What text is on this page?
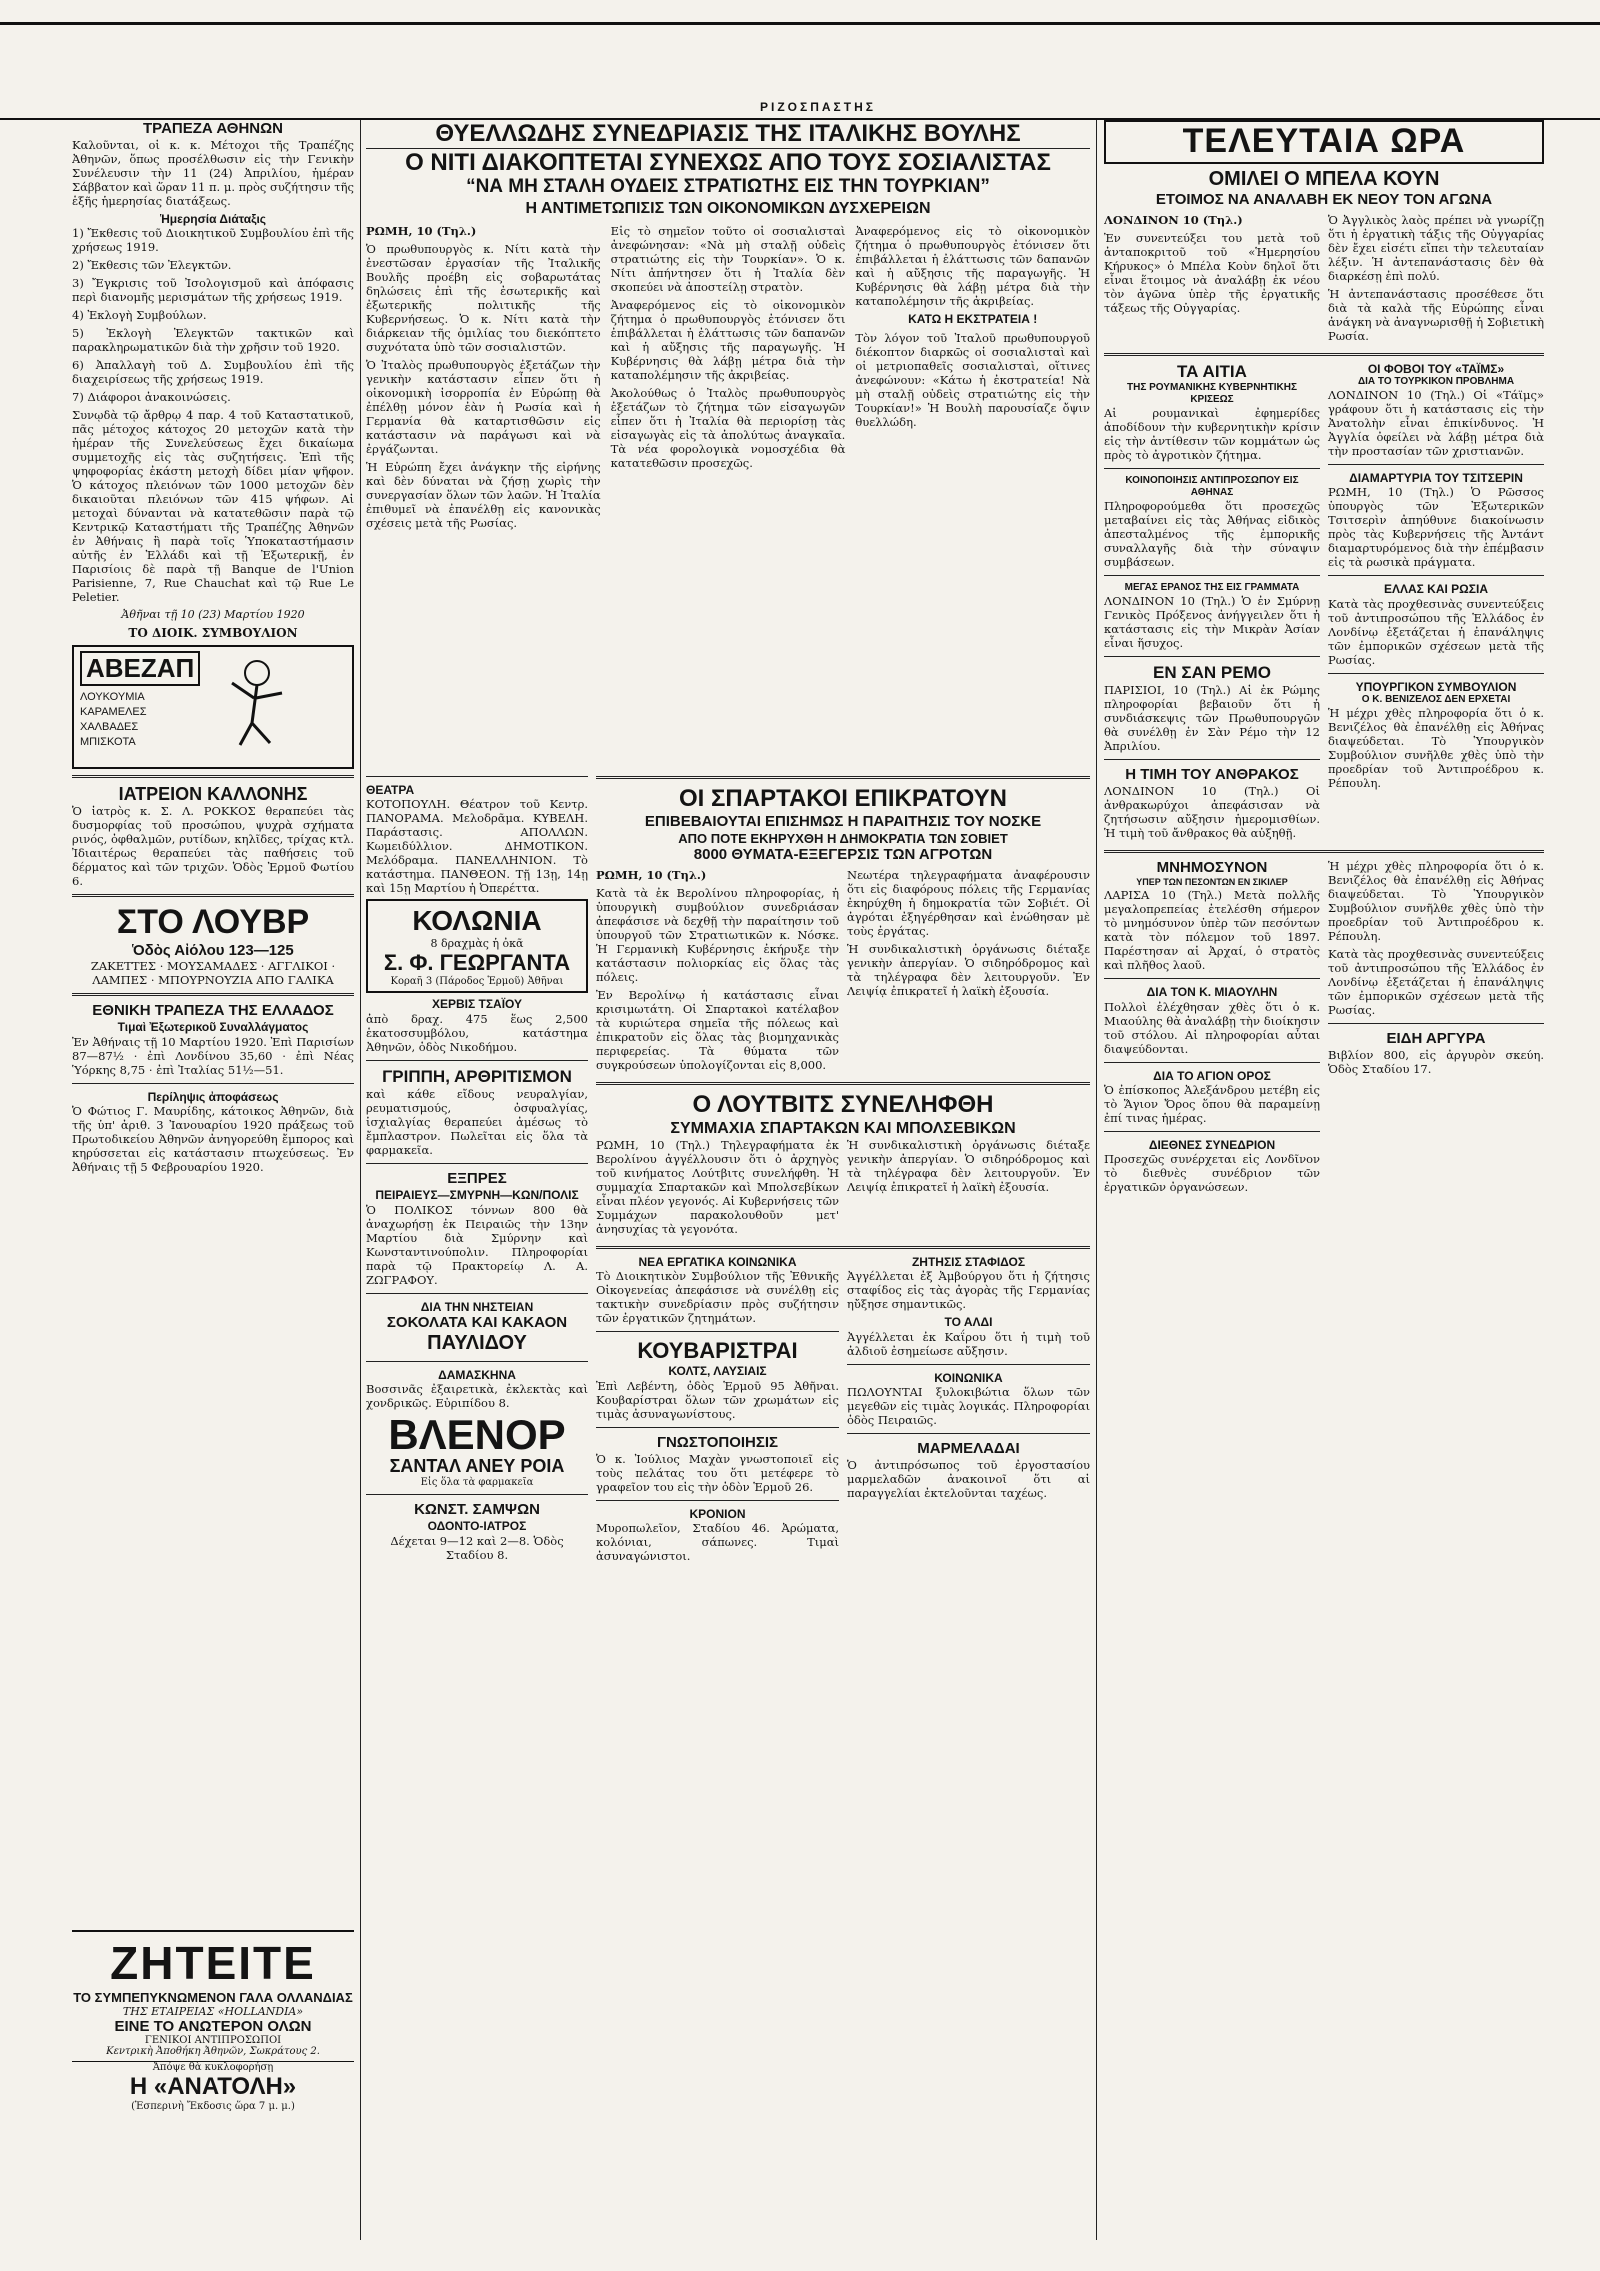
ΡΙΖΟΣΠΑΣΤΗΣ
ΤΡΑΠΕΖΑ ΑΘΗΝΩΝ

Καλοῦνται, οἱ κ. κ. Μέτοχοι τῆς Τραπέζης Ἀθηνῶν, ὅπως προσέλθωσιν εἰς τὴν Γενικὴν Συνέλευσιν τὴν 11 (24) Ἀπριλίου, ἡμέραν Σάββατον καὶ ὥραν 11 π. μ. πρὸς συζήτησιν τῆς ἑξῆς ἡμερησίας διατάξεως.

Ἡμερησία Διάταξις

1) Ἔκθεσις τοῦ Διοικητικοῦ Συμβουλίου ἐπὶ τῆς χρήσεως 1919.

2) Ἔκθεσις τῶν Ἐλεγκτῶν.

3) Ἔγκρισις τοῦ Ἰσολογισμοῦ καὶ ἀπόφασις περὶ διανομῆς μερισμάτων τῆς χρήσεως 1919.

4) Ἐκλογὴ Συμβούλων.

5) Ἐκλογὴ Ἐλεγκτῶν τακτικῶν καὶ παρακληρωματικῶν διὰ τὴν χρῆσιν τοῦ 1920.

6) Ἀπαλλαγὴ τοῦ Δ. Συμβουλίου ἐπὶ τῆς διαχειρίσεως τῆς χρήσεως 1919.

7) Διάφοροι ἀνακοινώσεις.

Συνῳδὰ τῷ ἄρθρῳ 4 παρ. 4 τοῦ Καταστατικοῦ, πᾶς μέτοχος κάτοχος 20 μετοχῶν κατὰ τὴν ἡμέραν τῆς Συνελεύσεως ἔχει δικαίωμα συμμετοχῆς εἰς τὰς συζητήσεις. Ἐπὶ τῆς ψηφοφορίας ἐκάστη μετοχὴ δίδει μίαν ψῆφον. Ὁ κάτοχος πλειόνων τῶν 1000 μετοχῶν δὲν δικαιοῦται πλειόνων τῶν 415 ψήφων. Αἱ μετοχαὶ δύνανται νὰ κατατεθῶσιν παρὰ τῷ Κεντρικῷ Καταστήματι τῆς Τραπέζης Ἀθηνῶν ἐν Ἀθήναις ἢ παρὰ τοῖς Ὑποκαταστήμασιν αὐτῆς ἐν Ἑλλάδι καὶ τῇ Ἐξωτερικῇ, ἐν Παρισίοις δὲ παρὰ τῇ Banque de l'Union Parisienne, 7, Rue Chauchat καὶ τῷ Rue Le Peletier.

Ἀθῆναι τῇ 10 (23) Μαρτίου 1920

ΤΟ ΔΙΟΙΚ. ΣΥΜΒΟΥΛΙΟΝ

ΑΒΕΖΑΠ
ΛΟΥΚΟΥΜΙΑ
ΚΑΡΑΜΕΛΕΣ
ΧΑΛΒΑΔΕΣ
ΜΠΙΣΚΟΤΑ
ΙΑΤΡΕΙΟΝ ΚΑΛΛΟΝΗΣ

Ὁ ἰατρὸς κ. Σ. Λ. ΡΟΚΚΟΣ θεραπεύει τὰς δυσμορφίας τοῦ προσώπου, ψυχρὰ σχήματα ρινός, ὀφθαλμῶν, ρυτίδων, κηλῖδες, τρίχας κτλ. Ἰδιαιτέρως θεραπεύει τὰς παθήσεις τοῦ δέρματος καὶ τῶν τριχῶν. Ὁδὸς Ἑρμοῦ Φωτίου 6.

ΣΤΟ ΛΟΥΒΡ
Ὁδὸς Αἰόλου 123—125

ΖΑΚΕΤΤΕΣ · ΜΟΥΣΑΜΑΔΕΣ · ΑΓΓΛΙΚΟΙ · ΛΑΜΠΕΣ · ΜΠΟΥΡΝΟΥΖΙΑ ΑΠΟ ΓΑΛΙΚΑ

ΕΘΝΙΚΗ ΤΡΑΠΕΖΑ ΤΗΣ ΕΛΛΑΔΟΣ
Τιμαὶ Ἐξωτερικοῦ Συναλλάγματος

Ἐν Ἀθήναις τῇ 10 Μαρτίου 1920. Ἐπὶ Παρισίων 87—87½ · ἐπὶ Λονδίνου 35,60 · ἐπὶ Νέας Ὑόρκης 8,75 · ἐπὶ Ἰταλίας 51½—51.

Περίληψις ἀποφάσεως

Ὁ Φώτιος Γ. Μαυρίδης, κάτοικος Ἀθηνῶν, διὰ τῆς ὑπ' ἀριθ. 3 Ἰανουαρίου 1920 πράξεως τοῦ Πρωτοδικείου Ἀθηνῶν ἀνηγορεύθη ἔμπορος καὶ κηρύσσεται εἰς κατάστασιν πτωχεύσεως. Ἐν Ἀθήναις τῇ 5 Φεβρουαρίου 1920.

ΖΗΤΕΙΤΕ
ΤΟ ΣΥΜΠΕΠΥΚΝΩΜΕΝΟΝ ΓΑΛΑ ΟΛΛΑΝΔΙΑΣ
ΤΗΣ ΕΤΑΙΡΕΙΑΣ «HOLLANDIA»
ΕΙΝΕ ΤΟ ΑΝΩΤΕΡΟΝ ΟΛΩΝ
ΓΕΝΙΚΟΙ ΑΝΤΙΠΡΟΣΩΠΟΙ
Κεντρικὴ Ἀποθήκη Ἀθηνῶν, Σωκράτους 2.
Ἀπόψε θὰ κυκλοφορήσῃ
Η «ΑΝΑΤΟΛΗ»
(Ἑσπερινὴ Ἔκδοσις ὥρα 7 μ. μ.)
ΘΥΕΛΛΩΔΗΣ ΣΥΝΕΔΡΙΑΣΙΣ ΤΗΣ ΙΤΑΛΙΚΗΣ ΒΟΥΛΗΣ
Ο ΝΙΤΙ ΔΙΑΚΟΠΤΕΤΑΙ ΣΥΝΕΧΩΣ ΑΠΟ ΤΟΥΣ ΣΟΣΙΑΛΙΣΤΑΣ
“ΝΑ ΜΗ ΣΤΑΛΗ ΟΥΔΕΙΣ ΣΤΡΑΤΙΩΤΗΣ ΕΙΣ ΤΗΝ ΤΟΥΡΚΙΑΝ”
Η ΑΝΤΙΜΕΤΩΠΙΣΙΣ ΤΩΝ ΟΙΚΟΝΟΜΙΚΩΝ ΔΥΣΧΕΡΕΙΩΝ

ΡΩΜΗ, 10 (Τηλ.)

Ὁ πρωθυπουργὸς κ. Νίτι κατὰ τὴν ἐνεστῶσαν ἐργασίαν τῆς Ἰταλικῆς Βουλῆς προέβη εἰς σοβαρωτάτας δηλώσεις ἐπὶ τῆς ἐσωτερικῆς καὶ ἐξωτερικῆς πολιτικῆς τῆς Κυβερνήσεως. Ὁ κ. Νίτι κατὰ τὴν διάρκειαν τῆς ὁμιλίας του διεκόπτετο συχνότατα ὑπὸ τῶν σοσιαλιστῶν.

Ὁ Ἰταλὸς πρωθυπουργὸς ἐξετάζων τὴν γενικὴν κατάστασιν εἶπεν ὅτι ἡ οἰκονομικὴ ἰσορροπία ἐν Εὐρώπῃ θὰ ἐπέλθῃ μόνον ἐὰν ἡ Ρωσία καὶ ἡ Γερμανία θὰ καταρτισθῶσιν εἰς κατάστασιν νὰ παράγωσι καὶ νὰ ἐργάζωνται.

Ἡ Εὐρώπη ἔχει ἀνάγκην τῆς εἰρήνης καὶ δὲν δύναται νὰ ζήσῃ χωρὶς τὴν συνεργασίαν ὅλων τῶν λαῶν. Ἡ Ἰταλία ἐπιθυμεῖ νὰ ἐπανέλθῃ εἰς κανονικὰς σχέσεις μετὰ τῆς Ρωσίας.

Εἰς τὸ σημεῖον τοῦτο οἱ σοσιαλισταὶ ἀνεφώνησαν: «Νὰ μὴ σταλῇ οὐδεὶς στρατιώτης εἰς τὴν Τουρκίαν». Ὁ κ. Νίτι ἀπήντησεν ὅτι ἡ Ἰταλία δὲν σκοπεύει νὰ ἀποστείλῃ στρατὸν.

Ἀναφερόμενος εἰς τὸ οἰκονομικὸν ζήτημα ὁ πρωθυπουργὸς ἐτόνισεν ὅτι ἐπιβάλλεται ἡ ἐλάττωσις τῶν δαπανῶν καὶ ἡ αὔξησις τῆς παραγωγῆς. Ἡ Κυβέρνησις θὰ λάβῃ μέτρα διὰ τὴν καταπολέμησιν τῆς ἀκριβείας.

Ἀκολούθως ὁ Ἰταλὸς πρωθυπουργὸς ἐξετάζων τὸ ζήτημα τῶν εἰσαγωγῶν εἶπεν ὅτι ἡ Ἰταλία θὰ περιορίσῃ τὰς εἰσαγωγὰς εἰς τὰ ἀπολύτως ἀναγκαῖα. Τὰ νέα φορολογικὰ νομοσχέδια θὰ κατατεθῶσιν προσεχῶς.

Ἀναφερόμενος εἰς τὸ οἰκονομικὸν ζήτημα ὁ πρωθυπουργὸς ἐτόνισεν ὅτι ἐπιβάλλεται ἡ ἐλάττωσις τῶν δαπανῶν καὶ ἡ αὔξησις τῆς παραγωγῆς. Ἡ Κυβέρνησις θὰ λάβῃ μέτρα διὰ τὴν καταπολέμησιν τῆς ἀκριβείας.

ΚΑΤΩ Η ΕΚΣΤΡΑΤΕΙΑ !

Τὸν λόγον τοῦ Ἰταλοῦ πρωθυπουργοῦ διέκοπτον διαρκῶς οἱ σοσιαλισταὶ καὶ οἱ μετριοπαθεῖς σοσιαλισταὶ, οἵτινες ἀνεφώνουν: «Κάτω ἡ ἐκστρατεία! Νὰ μὴ σταλῇ οὐδεὶς στρατιώτης εἰς τὴν Τουρκίαν!» Ἡ Βουλὴ παρουσίαζε ὄψιν θυελλώδη.

ΘΕΑΤΡΑ

ΚΟΤΟΠΟΥΛΗ. Θέατρον τοῦ Κεντρ. ΠΑΝΟΡΑΜΑ. Μελοδρᾶμα. ΚΥΒΕΛΗ. Παράστασις. ΑΠΟΛΛΩΝ. Κωμειδύλλιον. ΔΗΜΟΤΙΚΟΝ. Μελόδραμα. ΠΑΝΕΛΛΗΝΙΟΝ. Τὸ κατάστημα. ΠΑΝΘΕΟΝ. Τῇ 13ῃ, 14ῃ καὶ 15ῃ Μαρτίου ἡ Ὀπερέττα.

ΚΟΛΩΝΙΑ
8 δραχμὰς ἡ ὀκᾶ
Σ. Φ. ΓΕΩΡΓΑΝΤΑ
Κοραῆ 3 (Πάροδος Ἑρμοῦ) Ἀθῆναι
ΧΕΡΒΙΣ ΤΣΑΪΟΥ

ἀπὸ δραχ. 475 ἕως 2,500 ἑκατοσσυμβόλου, κατάστημα Ἀθηνῶν, ὁδὸς Νικοδήμου.

ΓΡΙΠΠΗ, ΑΡΘΡΙΤΙΣΜΟΝ

καὶ κάθε εἴδους νευραλγίαν, ρευματισμούς, ὀσφυαλγίας, ἰσχιαλγίας θεραπεύει ἀμέσως τὸ ἔμπλαστρον. Πωλεῖται εἰς ὅλα τὰ φαρμακεῖα.

ΕΞΠΡΕΣ
ΠΕΙΡΑΙΕΥΣ—ΣΜΥΡΝΗ—ΚΩΝ/ΠΟΛΙΣ

Ὁ ΠΟΛΙΚΟΣ τόννων 800 θὰ ἀναχωρήσῃ ἐκ Πειραιῶς τὴν 13ην Μαρτίου διὰ Σμύρνην καὶ Κωνσταντινούπολιν. Πληροφορίαι παρὰ τῷ Πρακτορείῳ Λ. Α. ΖΩΓΡΑΦΟΥ.

ΔΙΑ ΤΗΝ ΝΗΣΤΕΙΑΝ
ΣΟΚΟΛΑΤΑ ΚΑΙ ΚΑΚΑΟΝ
ΠΑΥΛΙΔΟΥ
ΔΑΜΑΣΚΗΝΑ

Βοσσινᾶς ἐξαιρετικὰ, ἐκλεκτὰς καὶ χονδρικῶς. Εὐριπίδου 8.

ΒΛΕΝΟΡ
ΣΑΝΤΑΛ ΑΝΕΥ ΡΟΙΑ
Εἰς ὅλα τὰ φαρμακεῖα
ΚΩΝΣΤ. ΣΑΜΨΩΝ
ΟΔΟΝΤΟ-ΙΑΤΡΟΣ

Δέχεται 9—12 καὶ 2—8. Ὁδὸς Σταδίου 8.

ΟΙ ΣΠΑΡΤΑΚΟΙ ΕΠΙΚΡΑΤΟΥΝ
ΕΠΙΒΕΒΑΙΟΥΤΑΙ ΕΠΙΣΗΜΩΣ Η ΠΑΡΑΙΤΗΣΙΣ ΤΟΥ ΝΟΣΚΕ
ΑΠΟ ΠΟΤΕ ΕΚΗΡΥΧΘΗ Η ΔΗΜΟΚΡΑΤΙΑ ΤΩΝ ΣΟΒΙΕΤ
8000 ΘΥΜΑΤΑ-ΕΞΕΓΕΡΣΙΣ ΤΩΝ ΑΓΡΟΤΩΝ

ΡΩΜΗ, 10 (Τηλ.)

Κατὰ τὰ ἐκ Βερολίνου πληροφορίας, ἡ ὑπουργικὴ συμβούλιον συνεδριάσαν ἀπεφάσισε νὰ δεχθῇ τὴν παραίτησιν τοῦ ὑπουργοῦ τῶν Στρατιωτικῶν κ. Νόσκε. Ἡ Γερμανικὴ Κυβέρνησις ἐκήρυξε τὴν κατάστασιν πολιορκίας εἰς ὅλας τὰς πόλεις.

Ἐν Βερολίνῳ ἡ κατάστασις εἶναι κρισιμωτάτη. Οἱ Σπαρτακοὶ κατέλαβον τὰ κυριώτερα σημεῖα τῆς πόλεως καὶ ἐπικρατοῦν εἰς ὅλας τὰς βιομηχανικὰς περιφερείας. Τὰ θύματα τῶν συγκρούσεων ὑπολογίζονται εἰς 8,000.

Νεωτέρα τηλεγραφήματα ἀναφέρουσιν ὅτι εἰς διαφόρους πόλεις τῆς Γερμανίας ἐκηρύχθη ἡ δημοκρατία τῶν Σοβιέτ. Οἱ ἀγρόται ἐξηγέρθησαν καὶ ἐνώθησαν μὲ τοὺς ἐργάτας.

Ἡ συνδικαλιστικὴ ὀργάνωσις διέταξε γενικὴν ἀπεργίαν. Ὁ σιδηρόδρομος καὶ τὰ τηλέγραφα δὲν λειτουργοῦν. Ἐν Λειψίᾳ ἐπικρατεῖ ἡ λαϊκὴ ἐξουσία.

Ο ΛΟΥΤΒΙΤΣ ΣΥΝΕΛΗΦΘΗ
ΣΥΜΜΑΧΙΑ ΣΠΑΡΤΑΚΩΝ ΚΑΙ ΜΠΟΛΣΕΒΙΚΩΝ

ΡΩΜΗ, 10 (Τηλ.) Τηλεγραφήματα ἐκ Βερολίνου ἀγγέλλουσιν ὅτι ὁ ἀρχηγὸς τοῦ κινήματος Λούτβιτς συνελήφθη. Ἡ συμμαχία Σπαρτακῶν καὶ Μπολσεβίκων εἶναι πλέον γεγονός. Αἱ Κυβερνήσεις τῶν Συμμάχων παρακολουθοῦν μετ' ἀνησυχίας τὰ γεγονότα.

Ἡ συνδικαλιστικὴ ὀργάνωσις διέταξε γενικὴν ἀπεργίαν. Ὁ σιδηρόδρομος καὶ τὰ τηλέγραφα δὲν λειτουργοῦν. Ἐν Λειψίᾳ ἐπικρατεῖ ἡ λαϊκὴ ἐξουσία.

ΝΕΑ ΕΡΓΑΤΙΚΑ ΚΟΙΝΩΝΙΚΑ

Τὸ Διοικητικὸν Συμβούλιον τῆς Ἐθνικῆς Οἰκογενείας ἀπεφάσισε νὰ συνέλθῃ εἰς τακτικὴν συνεδρίασιν πρὸς συζήτησιν τῶν ἐργατικῶν ζητημάτων.

ΚΟΥΒΑΡΙΣΤΡΑΙ
ΚΟΛΤΣ, ΛΑΥΣΙΑΙΣ

Ἐπὶ Λεβέντη, ὁδὸς Ἑρμοῦ 95 Ἀθῆναι. Κουβαρίστραι ὅλων τῶν χρωμάτων εἰς τιμὰς ἀσυναγωνίστους.

ΓΝΩΣΤΟΠΟΙΗΣΙΣ

Ὁ κ. Ἰούλιος Μαχὰν γνωστοποιεῖ εἰς τοὺς πελάτας του ὅτι μετέφερε τὸ γραφεῖον του εἰς τὴν ὁδὸν Ἑρμοῦ 26.

ΚΡΟΝΙΟΝ

Μυροπωλεῖον, Σταδίου 46. Ἀρώματα, κολόνιαι, σάπωνες. Τιμαὶ ἀσυναγώνιστοι.

ΖΗΤΗΣΙΣ ΣΤΑΦΙΔΟΣ

Ἀγγέλλεται ἐξ Ἀμβούργου ὅτι ἡ ζήτησις σταφίδος εἰς τὰς ἀγορὰς τῆς Γερμανίας ηὔξησε σημαντικῶς.

ΤΟ ΑΛΔΙ

Ἀγγέλλεται ἐκ Καΐρου ὅτι ἡ τιμὴ τοῦ ἀλδιοῦ ἐσημείωσε αὔξησιν.

ΚΟΙΝΩΝΙΚΑ

ΠΩΛΟΥΝΤΑΙ ξυλοκιβώτια ὅλων τῶν μεγεθῶν εἰς τιμὰς λογικάς. Πληροφορίαι ὁδὸς Πειραιῶς.

ΜΑΡΜΕΛΑΔΑΙ

Ὁ ἀντιπρόσωπος τοῦ ἐργοστασίου μαρμελαδῶν ἀνακοινοῖ ὅτι αἱ παραγγελίαι ἐκτελοῦνται ταχέως.

ΤΕΛΕΥΤΑΙΑ ΩΡΑ
ΟΜΙΛΕΙ Ο ΜΠΕΛΑ ΚΟΥΝ
ΕΤΟΙΜΟΣ ΝΑ ΑΝΑΛΑΒΗ ΕΚ ΝΕΟΥ ΤΟΝ ΑΓΩΝΑ

ΛΟΝΔΙΝΟΝ 10 (Τηλ.)

Ἐν συνεντεύξει του μετὰ τοῦ ἀνταποκριτοῦ τοῦ «Ἡμερησίου Κήρυκος» ὁ Μπέλα Κοὺν δηλοῖ ὅτι εἶναι ἕτοιμος νὰ ἀναλάβῃ ἐκ νέου τὸν ἀγῶνα ὑπὲρ τῆς ἐργατικῆς τάξεως τῆς Οὐγγαρίας.

Ὁ Ἀγγλικὸς λαὸς πρέπει νὰ γνωρίζῃ ὅτι ἡ ἐργατικὴ τάξις τῆς Οὐγγαρίας δὲν ἔχει εἰσέτι εἴπει τὴν τελευταίαν λέξιν. Ἡ ἀντεπανάστασις δὲν θὰ διαρκέσῃ ἐπὶ πολύ.

Ἡ ἀντεπανάστασις προσέθεσε ὅτι διὰ τὰ καλὰ τῆς Εὐρώπης εἶναι ἀνάγκη νὰ ἀναγνωρισθῇ ἡ Σοβιετικὴ Ρωσία.

ΤΑ ΑΙΤΙΑ
ΤΗΣ ΡΟΥΜΑΝΙΚΗΣ ΚΥΒΕΡΝΗΤΙΚΗΣ ΚΡΙΣΕΩΣ

Αἱ ρουμανικαὶ ἐφημερίδες ἀποδίδουν τὴν κυβερνητικὴν κρίσιν εἰς τὴν ἀντίθεσιν τῶν κομμάτων ὡς πρὸς τὸ ἀγροτικὸν ζήτημα.

ΚΟΙΝΟΠΟΙΗΣΙΣ ΑΝΤΙΠΡΟΣΩΠΟΥ ΕΙΣ ΑΘΗΝΑΣ

Πληροφορούμεθα ὅτι προσεχῶς μεταβαίνει εἰς τὰς Ἀθήνας εἰδικὸς ἀπεσταλμένος τῆς ἐμπορικῆς συναλλαγῆς διὰ τὴν σύναψιν συμβάσεων.

ΜΕΓΑΣ ΕΡΑΝΟΣ ΤΗΣ ΕΙΣ ΓΡΑΜΜΑΤΑ

ΛΟΝΔΙΝΟΝ 10 (Τηλ.) Ὁ ἐν Σμύρνῃ Γενικὸς Πρόξενος ἀνήγγειλεν ὅτι ἡ κατάστασις εἰς τὴν Μικρὰν Ἀσίαν εἶναι ἥσυχος.

ΕΝ ΣΑΝ ΡΕΜΟ

ΠΑΡΙΣΙΟΙ, 10 (Τηλ.) Αἱ ἐκ Ρώμης πληροφορίαι βεβαιοῦν ὅτι ἡ συνδιάσκεψις τῶν Πρωθυπουργῶν θὰ συνέλθῃ ἐν Σὰν Ρέμο τὴν 12 Ἀπριλίου.

Η ΤΙΜΗ ΤΟΥ ΑΝΘΡΑΚΟΣ

ΛΟΝΔΙΝΟΝ 10 (Τηλ.) Οἱ ἀνθρακωρύχοι ἀπεφάσισαν νὰ ζητήσωσιν αὔξησιν ἡμερομισθίων. Ἡ τιμὴ τοῦ ἄνθρακος θὰ αὐξηθῇ.

ΟΙ ΦΟΒΟΙ ΤΟΥ «ΤΑΪΜΣ»
ΔΙΑ ΤΟ ΤΟΥΡΚΙΚΟΝ ΠΡΟΒΛΗΜΑ

ΛΟΝΔΙΝΟΝ 10 (Τηλ.) Οἱ «Τάϊμς» γράφουν ὅτι ἡ κατάστασις εἰς τὴν Ἀνατολὴν εἶναι ἐπικίνδυνος. Ἡ Ἀγγλία ὀφείλει νὰ λάβῃ μέτρα διὰ τὴν προστασίαν τῶν χριστιανῶν.

ΔΙΑΜΑΡΤΥΡΙΑ ΤΟΥ ΤΣΙΤΣΕΡΙΝ

ΡΩΜΗ, 10 (Τηλ.) Ὁ Ρῶσσος ὑπουργὸς τῶν Ἐξωτερικῶν Τσιτσερὶν ἀπηύθυνε διακοίνωσιν πρὸς τὰς Κυβερνήσεις τῆς Ἀντάντ διαμαρτυρόμενος διὰ τὴν ἐπέμβασιν εἰς τὰ ρωσικὰ πράγματα.

ΕΛΛΑΣ ΚΑΙ ΡΩΣΙΑ

Κατὰ τὰς προχθεσινὰς συνεντεύξεις τοῦ ἀντιπροσώπου τῆς Ἑλλάδος ἐν Λονδίνῳ ἐξετάζεται ἡ ἐπανάληψις τῶν ἐμπορικῶν σχέσεων μετὰ τῆς Ρωσίας.

ΥΠΟΥΡΓΙΚΟΝ ΣΥΜΒΟΥΛΙΟΝ
Ο Κ. ΒΕΝΙΖΕΛΟΣ ΔΕΝ ΕΡΧΕΤΑΙ

Ἡ μέχρι χθὲς πληροφορία ὅτι ὁ κ. Βενιζέλος θὰ ἐπανέλθῃ εἰς Ἀθήνας διαψεύδεται. Τὸ Ὑπουργικὸν Συμβούλιον συνῆλθε χθὲς ὑπὸ τὴν προεδρίαν τοῦ Ἀντιπροέδρου κ. Ρέπουλη.

ΜΝΗΜΟΣΥΝΟΝ
ΥΠΕΡ ΤΩΝ ΠΕΣΟΝΤΩΝ ΕΝ ΣΙΚΙΛΕΡ

ΛΑΡΙΣΑ 10 (Τηλ.) Μετὰ πολλῆς μεγαλοπρεπείας ἐτελέσθη σήμερον τὸ μνημόσυνον ὑπὲρ τῶν πεσόντων κατὰ τὸν πόλεμον τοῦ 1897. Παρέστησαν αἱ Ἀρχαί, ὁ στρατὸς καὶ πλῆθος λαοῦ.

ΔΙΑ ΤΟΝ Κ. ΜΙΑΟΥΛΗΝ

Πολλοὶ ἐλέχθησαν χθὲς ὅτι ὁ κ. Μιαούλης θὰ ἀναλάβῃ τὴν διοίκησιν τοῦ στόλου. Αἱ πληροφορίαι αὗται διαψεύδονται.

ΔΙΑ ΤΟ ΑΓΙΟΝ ΟΡΟΣ

Ὁ ἐπίσκοπος Ἀλεξάνδρου μετέβη εἰς τὸ Ἅγιον Ὄρος ὅπου θὰ παραμείνῃ ἐπί τινας ἡμέρας.

ΔΙΕΘΝΕΣ ΣΥΝΕΔΡΙΟΝ

Προσεχῶς συνέρχεται εἰς Λονδῖνον τὸ διεθνὲς συνέδριον τῶν ἐργατικῶν ὀργανώσεων.

Ἡ μέχρι χθὲς πληροφορία ὅτι ὁ κ. Βενιζέλος θὰ ἐπανέλθῃ εἰς Ἀθήνας διαψεύδεται. Τὸ Ὑπουργικὸν Συμβούλιον συνῆλθε χθὲς ὑπὸ τὴν προεδρίαν τοῦ Ἀντιπροέδρου κ. Ρέπουλη.

Κατὰ τὰς προχθεσινὰς συνεντεύξεις τοῦ ἀντιπροσώπου τῆς Ἑλλάδος ἐν Λονδίνῳ ἐξετάζεται ἡ ἐπανάληψις τῶν ἐμπορικῶν σχέσεων μετὰ τῆς Ρωσίας.

ΕΙΔΗ ΑΡΓΥΡΑ

Βιβλίον 800, εἰς ἀργυρὸν σκεύη. Ὁδὸς Σταδίου 17.
